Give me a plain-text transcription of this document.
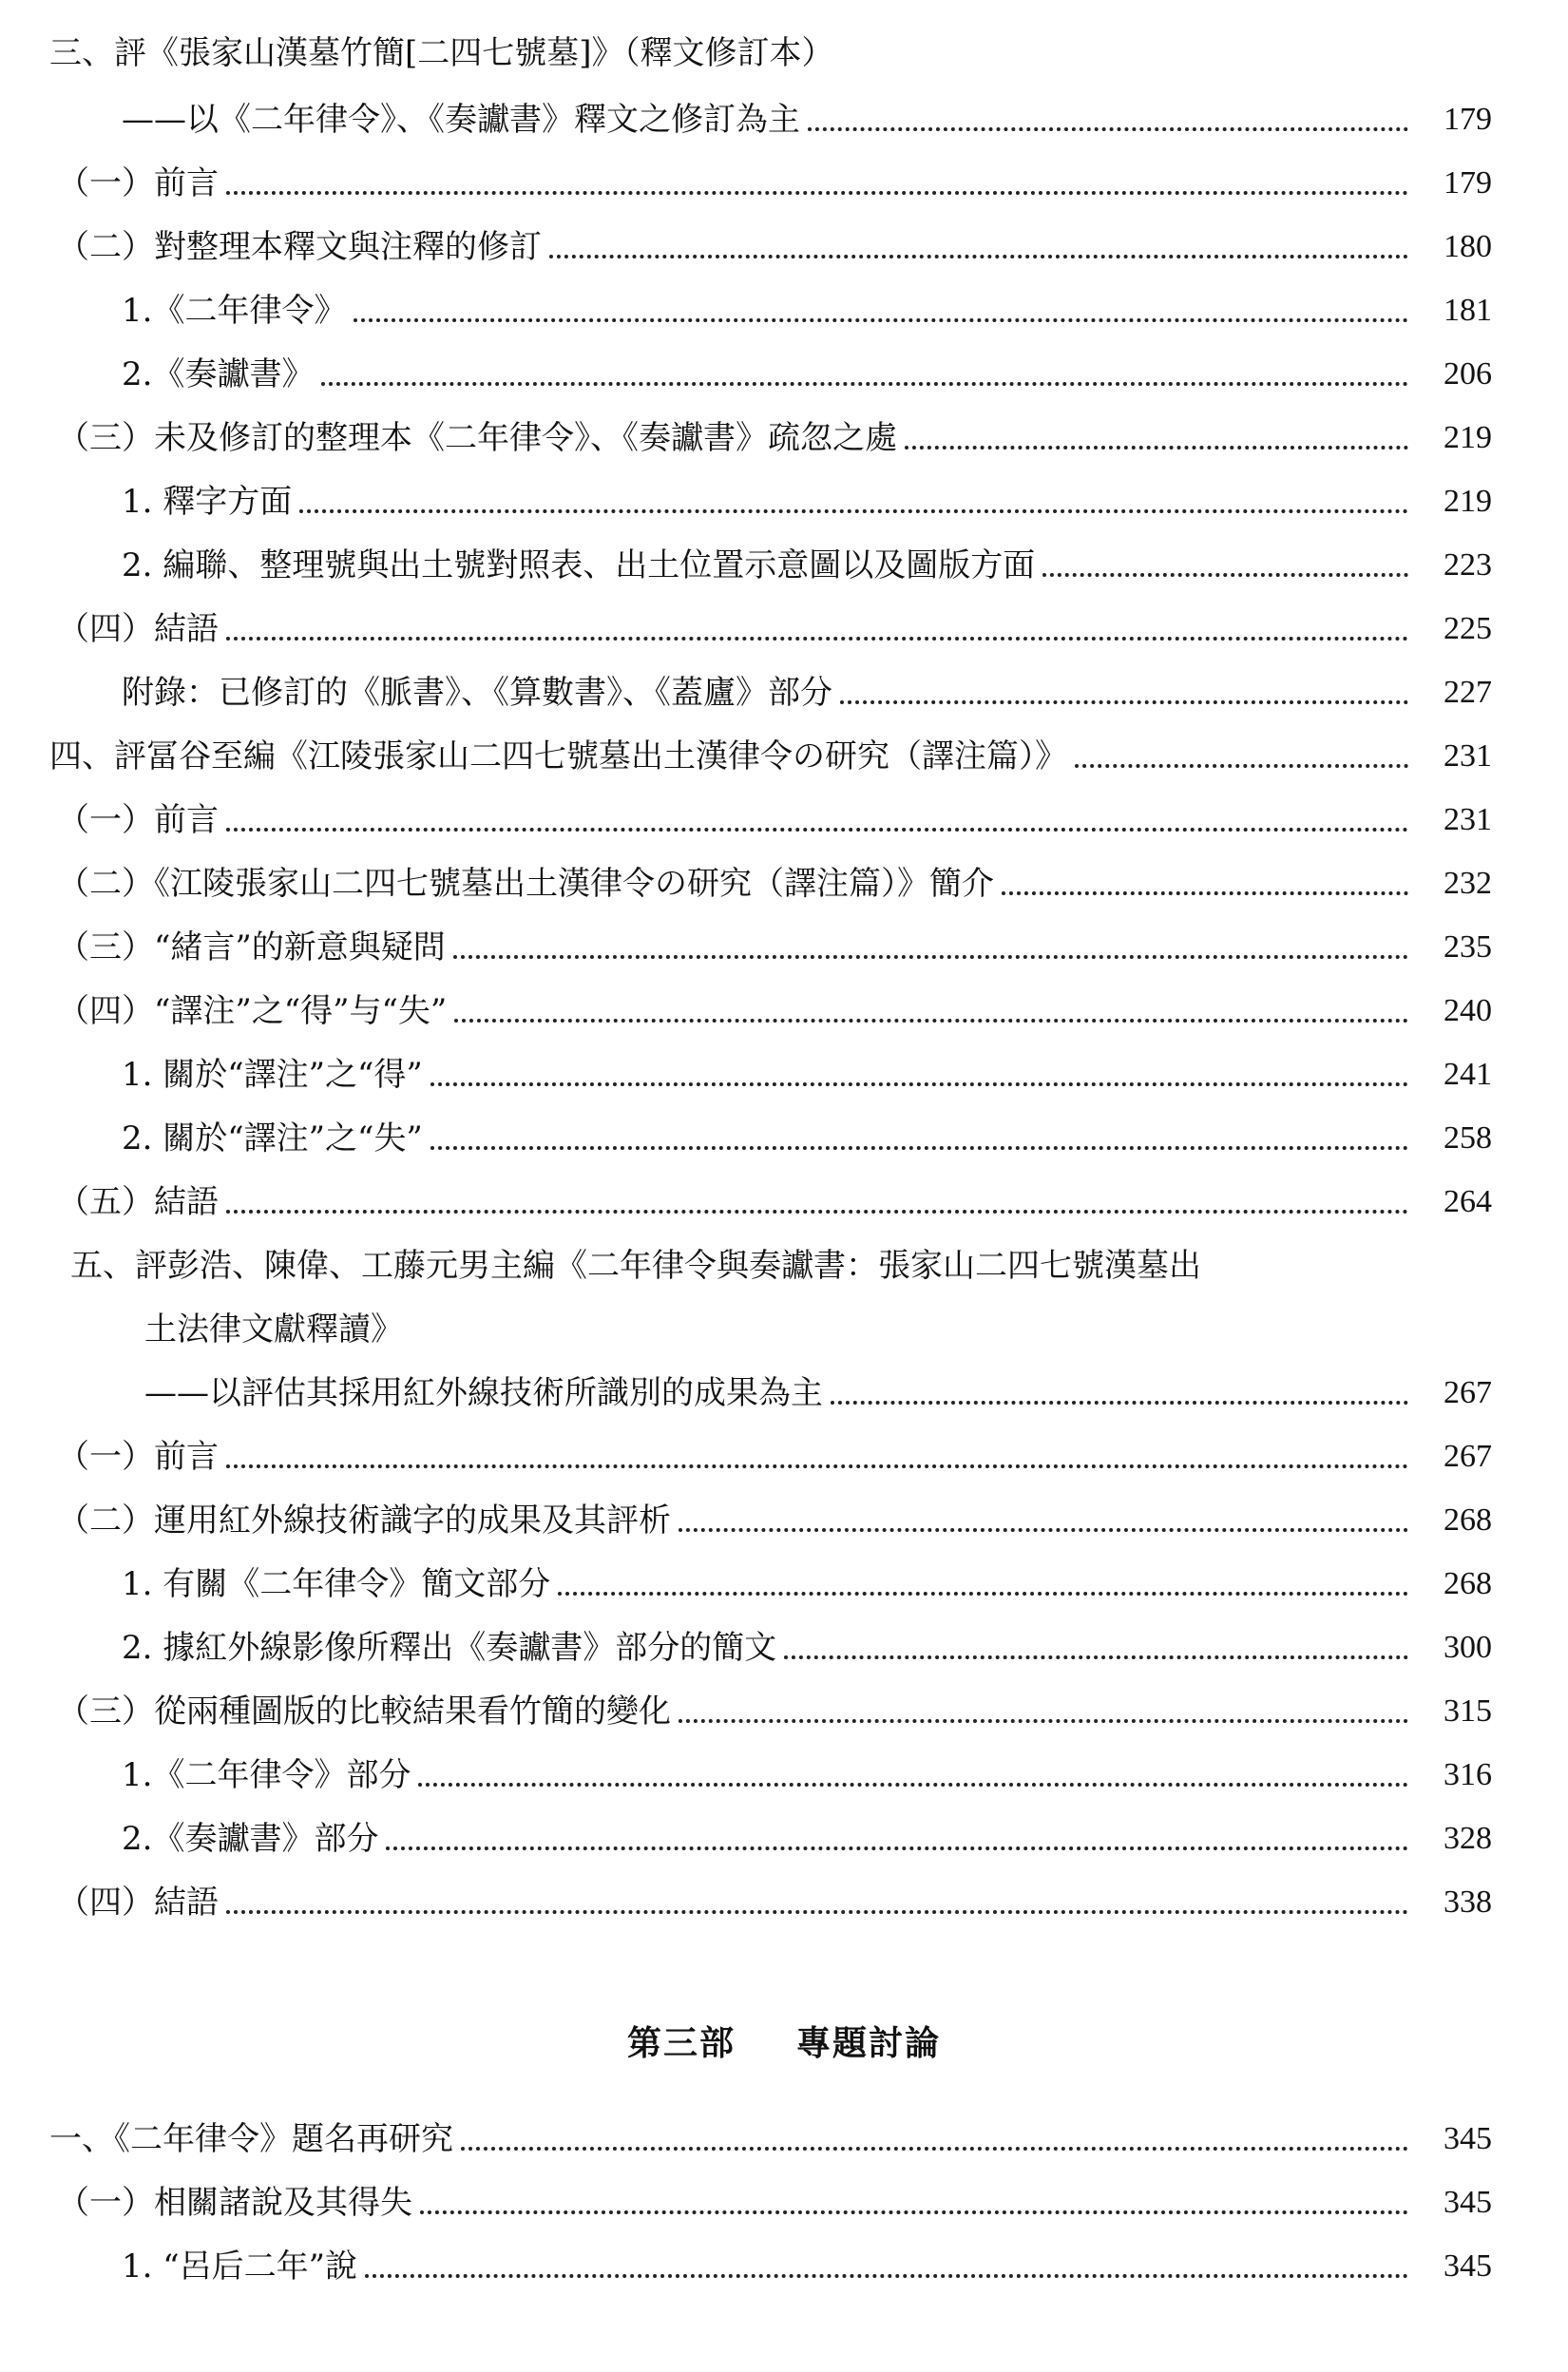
三、評《張家山漢墓竹簡[二四七號墓]》（釋文修訂本）
——以《二年律令》、《奏讞書》釋文之修訂為主	179
（一）前言	179
（二）對整理本釋文與注釋的修訂	180
1.《二年律令》	181
2.《奏讞書》	206
（三）未及修訂的整理本《二年律令》、《奏讞書》疏忽之處	219
1. 釋字方面	219
2. 編聯、整理號與出土號對照表、出土位置示意圖以及圖版方面	223
（四）結語	225
附錄：已修訂的《脈書》、《算數書》、《蓋廬》部分	227
四、評冨谷至編《江陵張家山二四七號墓出土漢律令の研究（譯注篇）》	231
（一）前言	231
（二）《江陵張家山二四七號墓出土漢律令の研究（譯注篇）》簡介	232
（三）“緒言”的新意與疑問	235
（四）“譯注”之“得”与“失”	240
1. 關於“譯注”之“得”	241
2. 關於“譯注”之“失”	258
（五）結語	264
五、評彭浩、陳偉、工藤元男主編《二年律令與奏讞書：張家山二四七號漢墓出
土法律文獻釋讀》
——以評估其採用紅外線技術所識別的成果為主	267
（一）前言	267
（二）運用紅外線技術識字的成果及其評析	268
1. 有關《二年律令》簡文部分	268
2. 據紅外線影像所釋出《奏讞書》部分的簡文	300
（三）從兩種圖版的比較結果看竹簡的變化	315
1.《二年律令》部分	316
2.《奏讞書》部分	328
（四）結語	338
第三部 專題討論
一、《二年律令》題名再研究	345
（一）相關諸說及其得失	345
1. “呂后二年”說	345
